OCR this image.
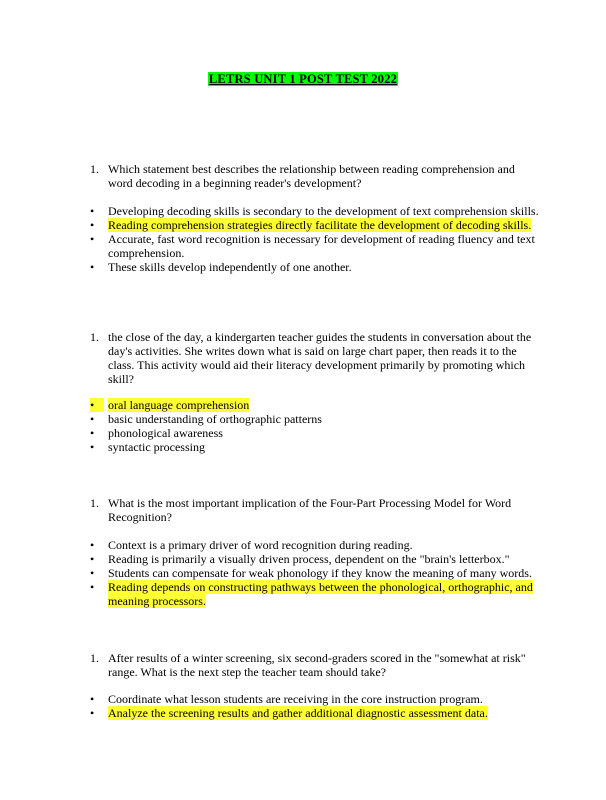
LETRS UNIT 1 POST TEST 2022
1. Which statement best describes the relationship between reading comprehension and word decoding in a beginning reader's development?
•	Developing decoding skills is secondary to the development of text comprehension skills.
•	Reading comprehension strategies directly facilitate the development of decoding skills.
•	Accurate, fast word recognition is necessary for development of reading fluency and text comprehension.
•	These skills develop independently of one another.
1. the close of the day, a kindergarten teacher guides the students in conversation about the day's activities. She writes down what is said on large chart paper, then reads it to the class. This activity would aid their literacy development primarily by promoting which skill?
•	oral language comprehension
•	basic understanding of orthographic patterns
•	phonological awareness
•	syntactic processing
1. What is the most important implication of the Four-Part Processing Model for Word Recognition?
•	Context is a primary driver of word recognition during reading.
•	Reading is primarily a visually driven process, dependent on the "brain's letterbox."
•	Students can compensate for weak phonology if they know the meaning of many words.
•	Reading depends on constructing pathways between the phonological, orthographic, and meaning processors.
1. After results of a winter screening, six second-graders scored in the "somewhat at risk" range. What is the next step the teacher team should take?
•	Coordinate what lesson students are receiving in the core instruction program.
•	Analyze the screening results and gather additional diagnostic assessment data.
